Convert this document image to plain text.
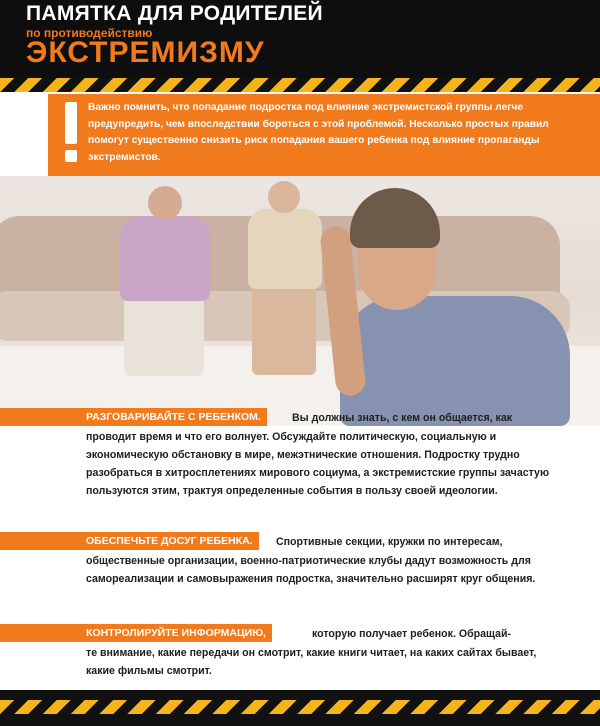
ПАМЯТКА ДЛЯ РОДИТЕЛЕЙ
по противодействию
ЭКСТРЕМИЗМУ
Важно помнить, что попадание подростка под влияние экстремистской группы легче предупредить, чем впоследствии бороться с этой проблемой. Несколько простых правил помогут существенно снизить риск попадания вашего ребенка под влияние пропаганды экстремистов.
РАЗГОВАРИВАЙТЕ С РЕБЕНКОМ.	Вы должны знать, с кем он общается, как
проводит время и что его волнует. Обсуждайте политическую, социальную и экономическую обстановку в мире, межэтнические отношения. Подростку трудно разобраться в хитросплетениях мирового социума, а экстремистские группы зачастую пользуются этим, трактуя определенные события в пользу своей идеологии.
ОБЕСПЕЧЬТЕ ДОСУГ РЕБЕНКА.	Спортивные секции, кружки по интересам,
общественные организации, военно-патриотические клубы дадут возможность для самореализации и самовыражения подростка, значительно расширят круг общения.
КОНТРОЛИРУЙТЕ ИНФОРМАЦИЮ,	которую получает ребенок. Обращай-
те внимание, какие передачи он смотрит, какие книги читает, на каких сайтах бывает, какие фильмы смотрит.
